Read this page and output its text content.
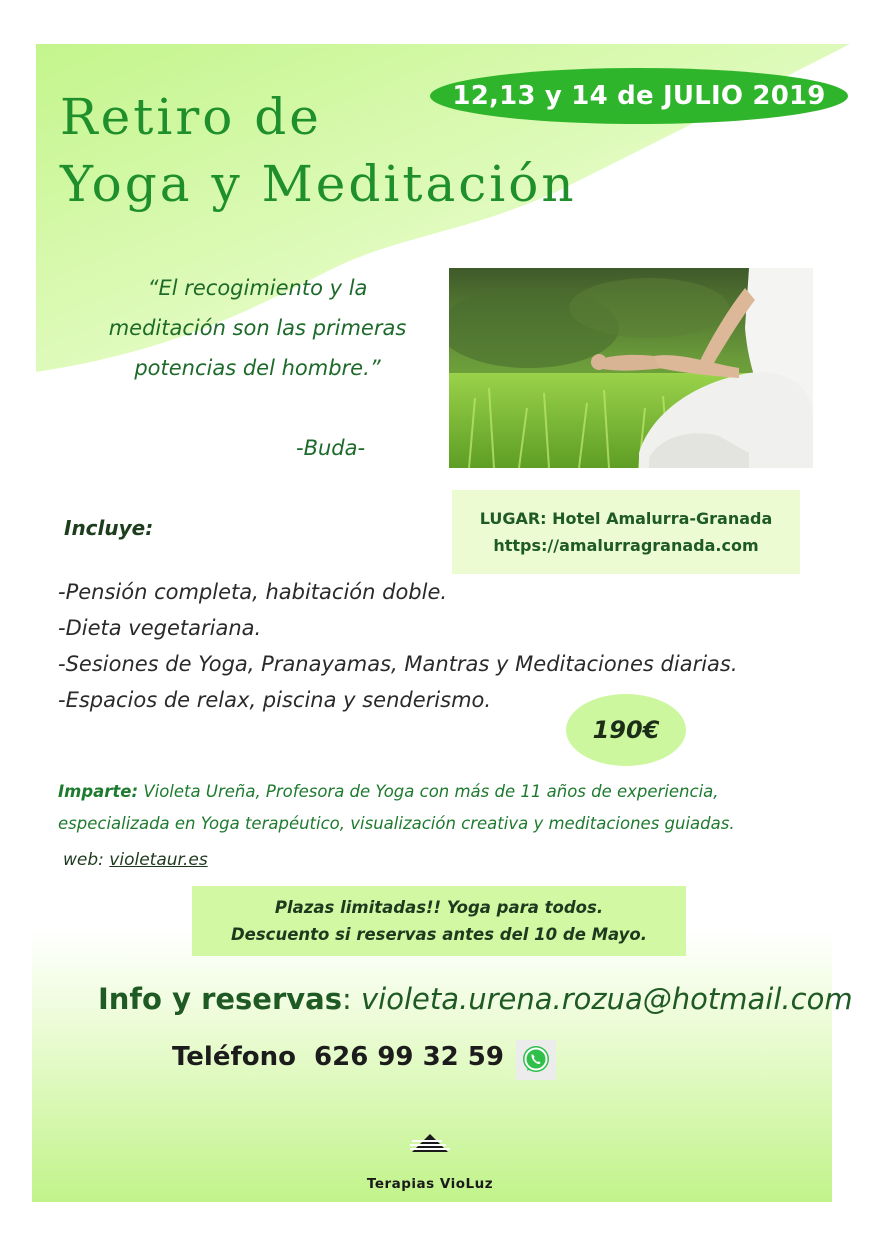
12,13 y 14 de JULIO 2019
Retiro de
Yoga y Meditación
“El recogimiento y la meditación son las primeras potencias del hombre.”
-Buda-
LUGAR: Hotel Amalurra-Granada
https://amalurragranada.com
Incluye:
-Pensión completa, habitación doble.
-Dieta vegetariana.
-Sesiones de Yoga, Pranayamas, Mantras y Meditaciones diarias.
-Espacios de relax, piscina y senderismo.
190€
Imparte: Violeta Ureña, Profesora de Yoga con más de 11 años de experiencia, especializada en Yoga terapéutico, visualización creativa y meditaciones guiadas.
web: violetaur.es
Plazas limitadas!! Yoga para todos.
Descuento si reservas antes del 10 de Mayo.
Info y reservas: violeta.urena.rozua@hotmail.com
Teléfono 626 99 32 59
Terapias VioLuz
